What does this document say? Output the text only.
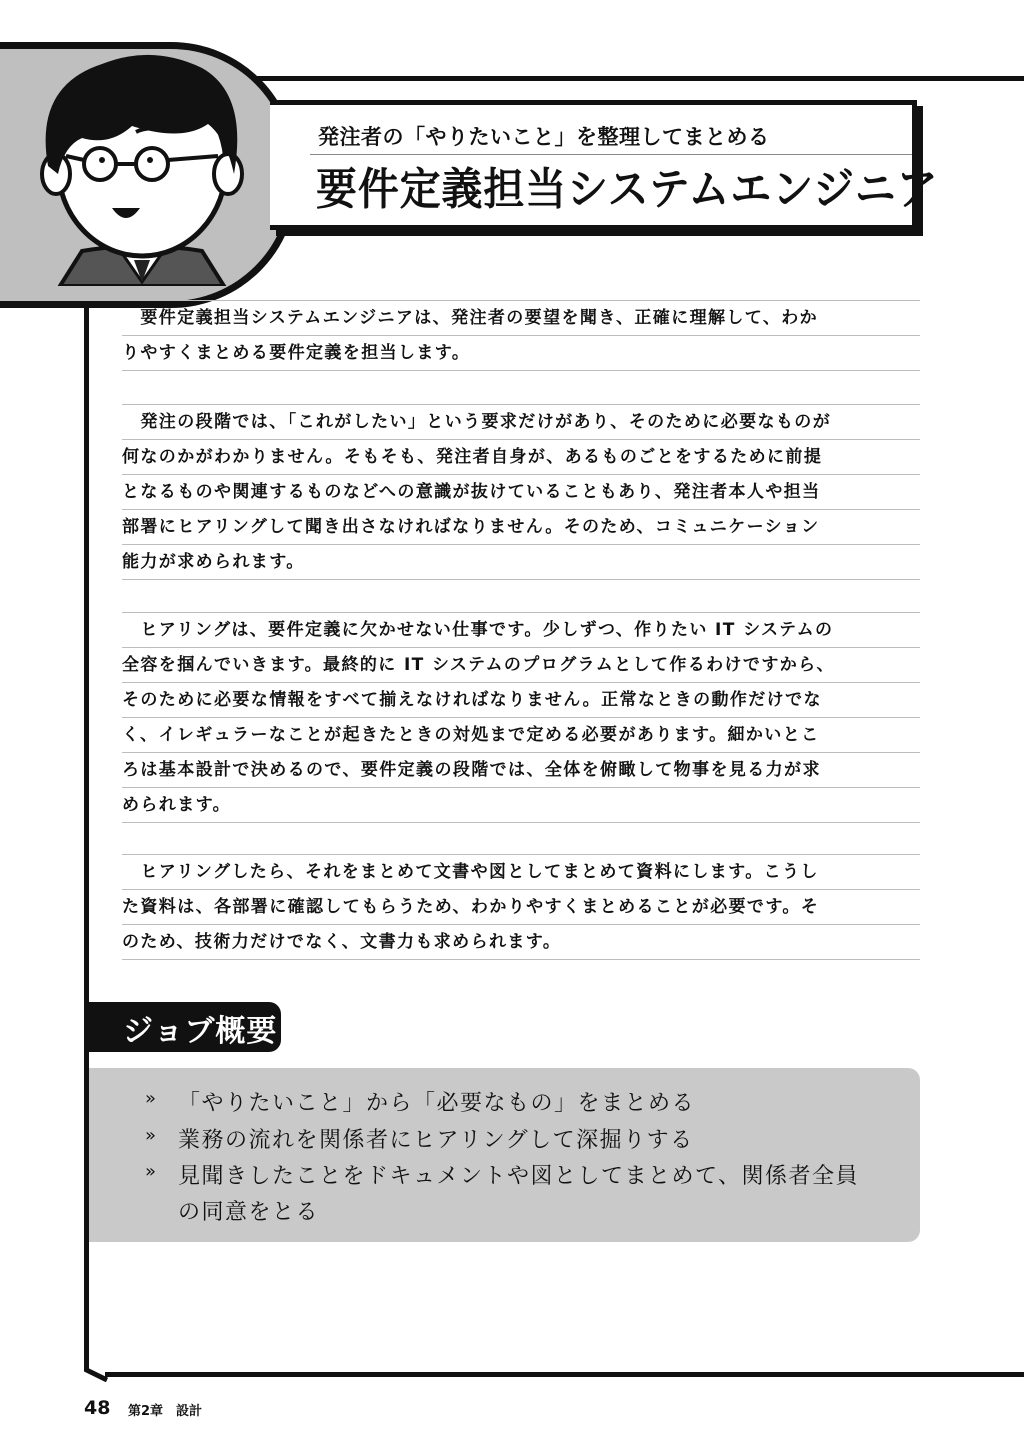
発注者の「やりたいこと」を整理してまとめる
要件定義担当システムエンジニア
　要件定義担当システムエンジニアは、発注者の要望を聞き、正確に理解して、わか
りやすくまとめる要件定義を担当します。
　発注の段階では、「これがしたい」という要求だけがあり、そのために必要なものが
何なのかがわかりません。そもそも、発注者自身が、あるものごとをするために前提
となるものや関連するものなどへの意識が抜けていることもあり、発注者本人や担当
部署にヒアリングして聞き出さなければなりません。そのため、コミュニケーション
能力が求められます。
　ヒアリングは、要件定義に欠かせない仕事です。少しずつ、作りたい IT システムの
全容を掴んでいきます。最終的に IT システムのプログラムとして作るわけですから、
そのために必要な情報をすべて揃えなければなりません。正常なときの動作だけでな
く、イレギュラーなことが起きたときの対処まで定める必要があります。細かいとこ
ろは基本設計で決めるので、要件定義の段階では、全体を俯瞰して物事を見る力が求
められます。
　ヒアリングしたら、それをまとめて文書や図としてまとめて資料にします。こうし
た資料は、各部署に確認してもらうため、わかりやすくまとめることが必要です。そ
のため、技術力だけでなく、文書力も求められます。
ジョブ概要
» 「やりたいこと」から「必要なもの」をまとめる
» 業務の流れを関係者にヒアリングして深掘りする
» 見聞きしたことをドキュメントや図としてまとめて、関係者全員
の同意をとる
48 第2章　設計
